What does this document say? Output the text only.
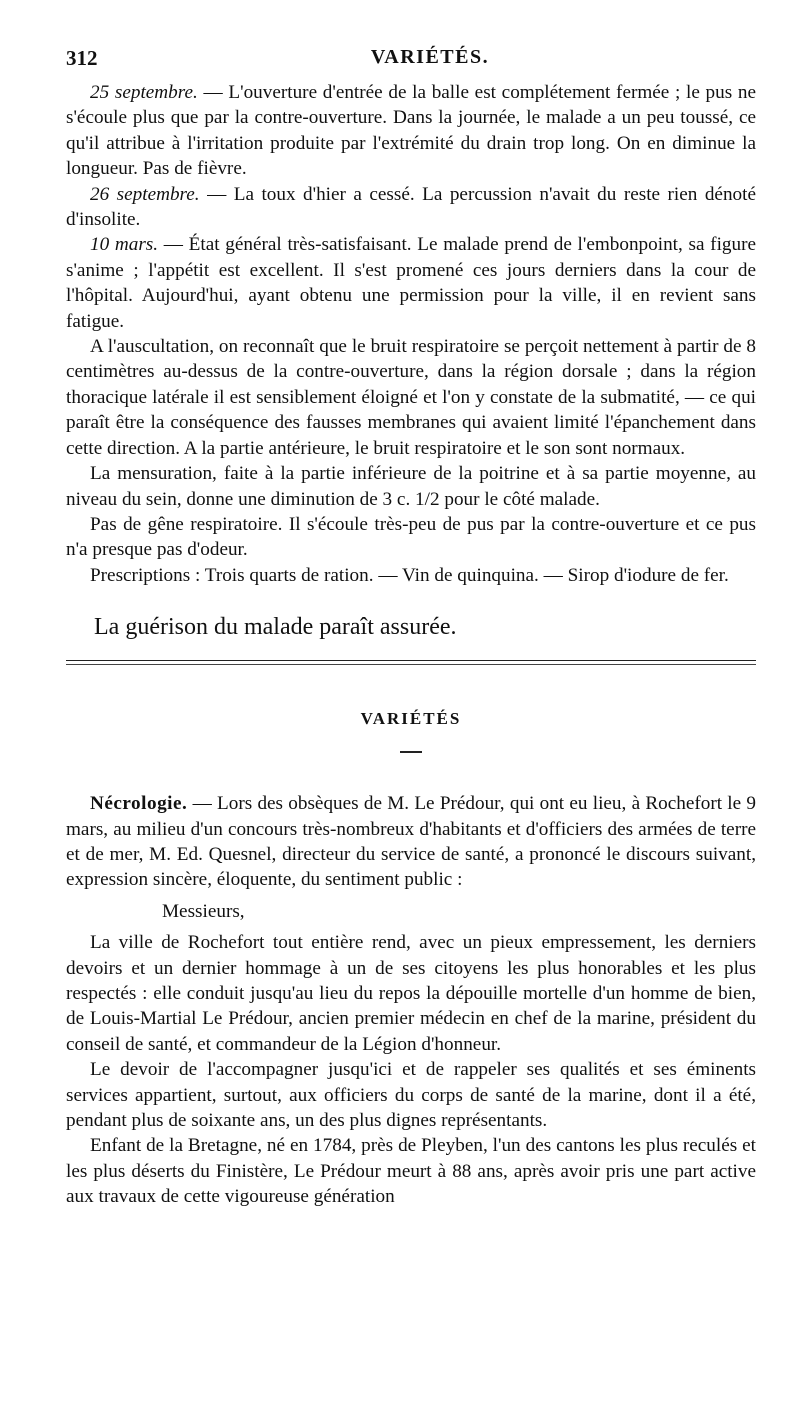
312	VARIÉTÉS.

25 septembre. — L'ouverture d'entrée de la balle est complétement fermée ; le pus ne s'écoule plus que par la contre-ouverture. Dans la journée, le malade a un peu toussé, ce qu'il attribue à l'irritation produite par l'extrémité du drain trop long. On en diminue la longueur. Pas de fièvre.

26 septembre. — La toux d'hier a cessé. La percussion n'avait du reste rien dénoté d'insolite.

10 mars. — État général très-satisfaisant. Le malade prend de l'embonpoint, sa figure s'anime ; l'appétit est excellent. Il s'est promené ces jours derniers dans la cour de l'hôpital. Aujourd'hui, ayant obtenu une permission pour la ville, il en revient sans fatigue.

A l'auscultation, on reconnaît que le bruit respiratoire se perçoit nettement à partir de 8 centimètres au-dessus de la contre-ouverture, dans la région dorsale ; dans la région thoracique latérale il est sensiblement éloigné et l'on y constate de la submatité, — ce qui paraît être la conséquence des fausses membranes qui avaient limité l'épanchement dans cette direction. A la partie antérieure, le bruit respiratoire et le son sont normaux.

La mensuration, faite à la partie inférieure de la poitrine et à sa partie moyenne, au niveau du sein, donne une diminution de 3 c. 1/2 pour le côté malade.

Pas de gêne respiratoire. Il s'écoule très-peu de pus par la contre-ouverture et ce pus n'a presque pas d'odeur.

Prescriptions : Trois quarts de ration. — Vin de quinquina. — Sirop d'iodure de fer.

La guérison du malade paraît assurée.

VARIÉTÉS

Nécrologie. — Lors des obsèques de M. Le Prédour, qui ont eu lieu, à Rochefort le 9 mars, au milieu d'un concours très-nombreux d'habitants et d'officiers des armées de terre et de mer, M. Ed. Quesnel, directeur du service de santé, a prononcé le discours suivant, expression sincère, éloquente, du sentiment public :

Messieurs,

La ville de Rochefort tout entière rend, avec un pieux empressement, les derniers devoirs et un dernier hommage à un de ses citoyens les plus honorables et les plus respectés : elle conduit jusqu'au lieu du repos la dépouille mortelle d'un homme de bien, de Louis-Martial Le Prédour, ancien premier médecin en chef de la marine, président du conseil de santé, et commandeur de la Légion d'honneur.

Le devoir de l'accompagner jusqu'ici et de rappeler ses qualités et ses éminents services appartient, surtout, aux officiers du corps de santé de la marine, dont il a été, pendant plus de soixante ans, un des plus dignes représentants.

Enfant de la Bretagne, né en 1784, près de Pleyben, l'un des cantons les plus reculés et les plus déserts du Finistère, Le Prédour meurt à 88 ans, après avoir pris une part active aux travaux de cette vigoureuse génération
